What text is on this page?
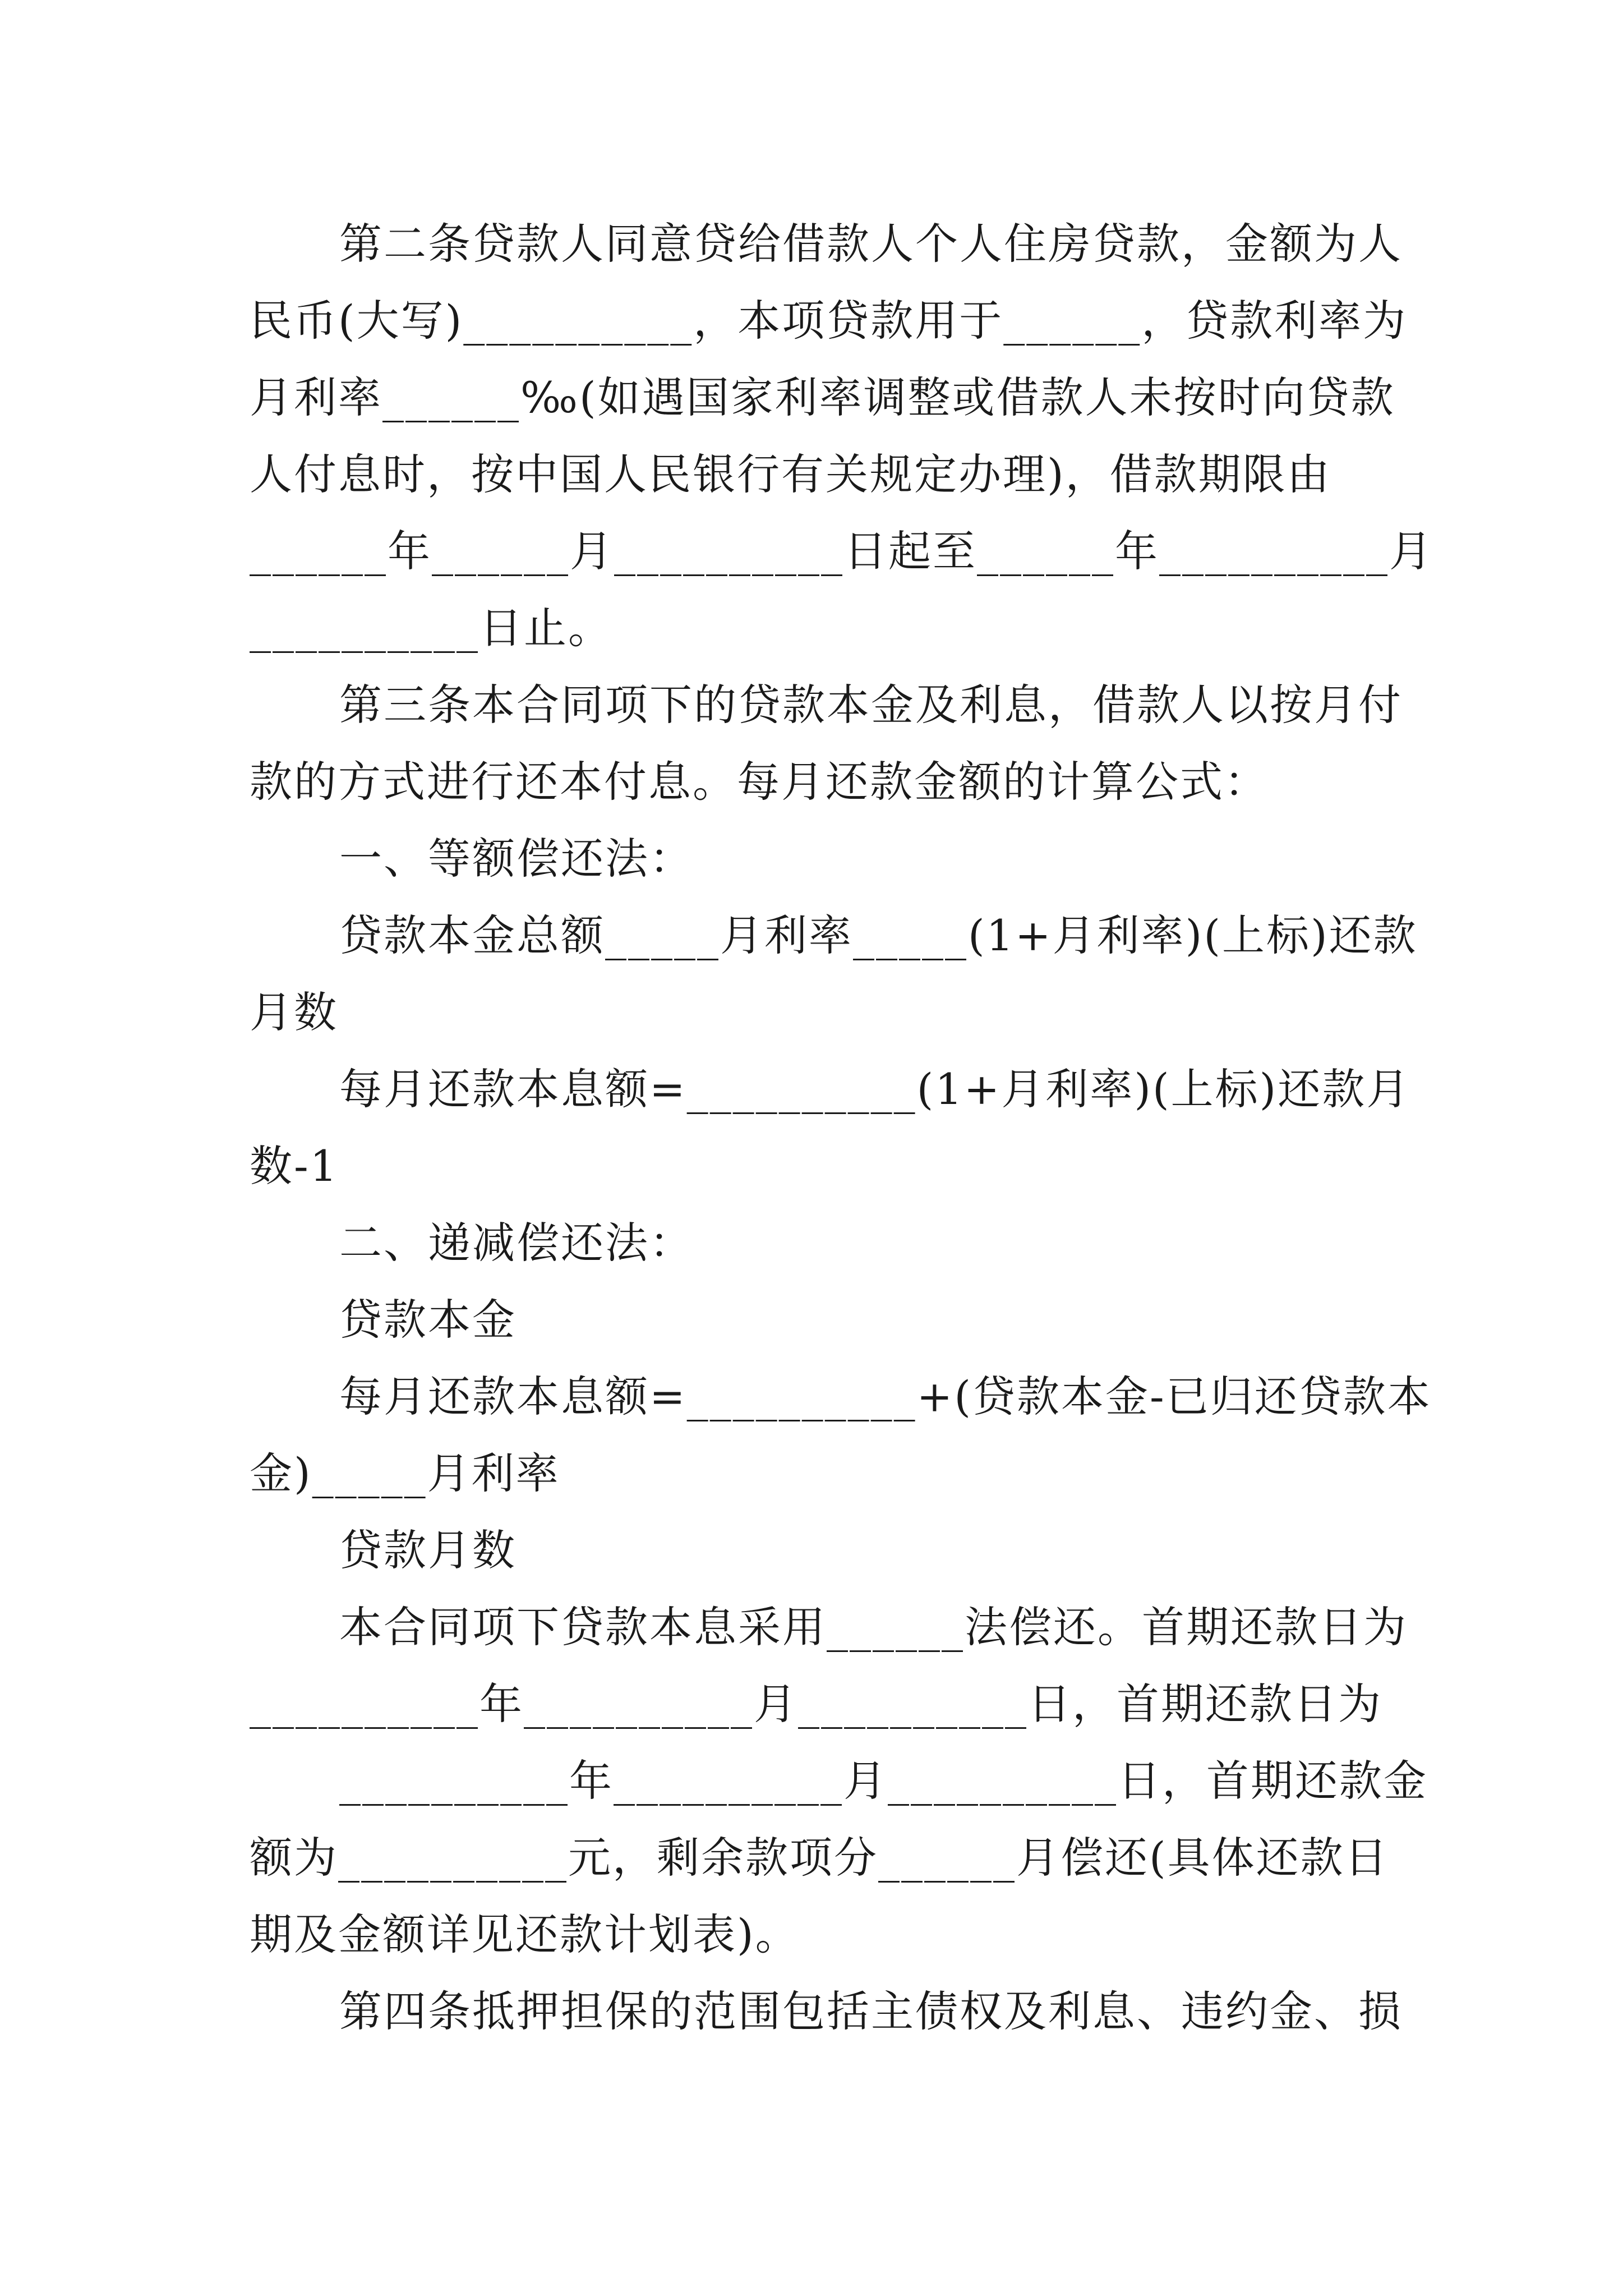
第二条贷款人同意贷给借款人个人住房贷款，金额为人
民币(大写)__________，本项贷款用于______，贷款利率为
月利率______‰(如遇国家利率调整或借款人未按时向贷款
人付息时，按中国人民银行有关规定办理)，借款期限由
______年______月__________日起至______年__________月
__________日止。
第三条本合同项下的贷款本金及利息，借款人以按月付
款的方式进行还本付息。每月还款金额的计算公式：
一、等额偿还法：
贷款本金总额_____月利率_____(1+月利率)(上标)还款
月数
每月还款本息额=__________(1+月利率)(上标)还款月
数-1
二、递减偿还法：
贷款本金
每月还款本息额=__________+(贷款本金-已归还贷款本
金)_____月利率
贷款月数
本合同项下贷款本息采用______法偿还。首期还款日为
__________年__________月__________日，首期还款日为
__________年__________月__________日，首期还款金
额为__________元，剩余款项分______月偿还(具体还款日
期及金额详见还款计划表)。
第四条抵押担保的范围包括主债权及利息、违约金、损
